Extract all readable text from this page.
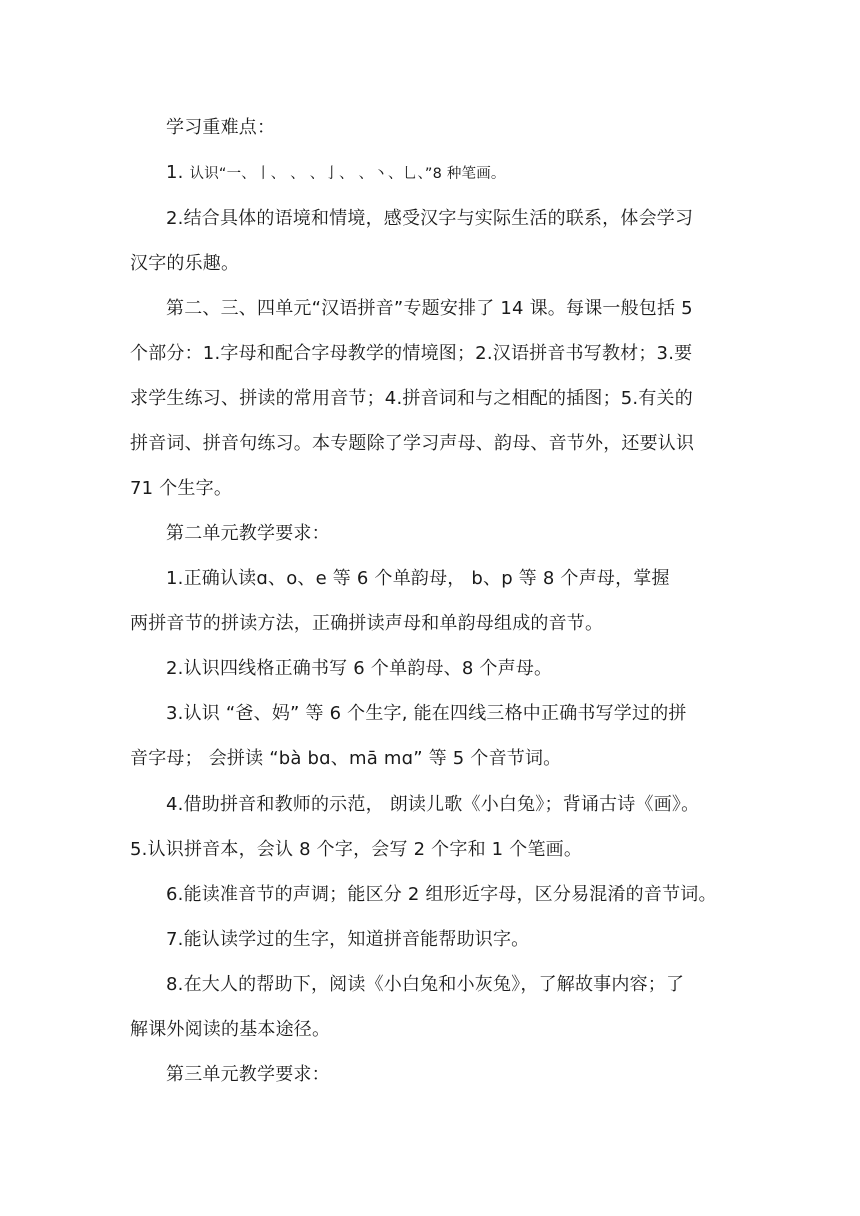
学习重难点：
1. 认识“一、丨、 、 、亅、 、丶、乚、”8 种笔画。
2.结合具体的语境和情境，感受汉字与实际生活的联系，体会学习
汉字的乐趣。
第二、三、四单元“汉语拼音”专题安排了 14 课。每课一般包括 5
个部分：1.字母和配合字母教学的情境图；2.汉语拼音书写教材；3.要
求学生练习、拼读的常用音节；4.拼音词和与之相配的插图；5.有关的
拼音词、拼音句练习。本专题除了学习声母、韵母、音节外，还要认识
71 个生字。
第二单元教学要求：
1.正确认读ɑ、o、e 等 6 个单韵母， b、p 等 8 个声母，掌握
两拼音节的拼读方法，正确拼读声母和单韵母组成的音节。
2.认识四线格正确书写 6 个单韵母、8 个声母。
3.认识 “爸、妈” 等 6 个生字, 能在四线三格中正确书写学过的拼
音字母； 会拼读 “bà bɑ、mā mɑ” 等 5 个音节词。
4.借助拼音和教师的示范， 朗读儿歌《小白兔》；背诵古诗《画》。
5.认识拼音本，会认 8 个字，会写 2 个字和 1 个笔画。
6.能读准音节的声调；能区分 2 组形近字母，区分易混淆的音节词。
7.能认读学过的生字，知道拼音能帮助识字。
8.在大人的帮助下，阅读《小白兔和小灰兔》，了解故事内容；了
解课外阅读的基本途径。
第三单元教学要求：
